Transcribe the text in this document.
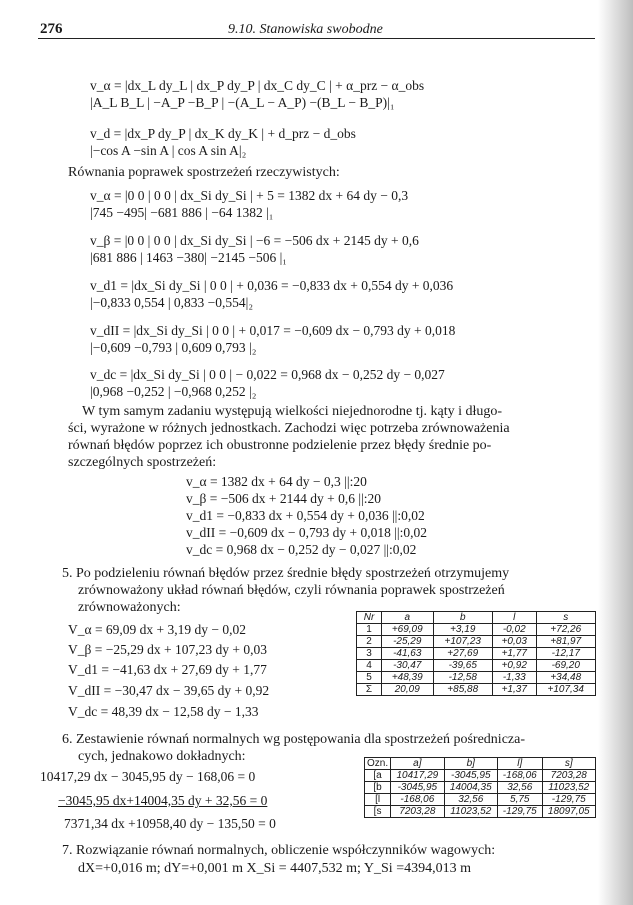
276	9.10. Stanowiska swobodne
v_α = |dx_L dy_L | dx_P dy_P | dx_C dy_C | + α_prz − α_obs
|A_L B_L | −A_P −B_P | −(A_L − A_P) −(B_L − B_P)|₁
v_d = |dx_P dy_P | dx_K dy_K | + d_prz − d_obs
|−cos A −sin A | cos A sin A|₂
Równania poprawek spostrzeżeń rzeczywistych:
v_α = |0 0 | 0 0 | dx_Si dy_Si | + 5 = 1382 dx + 64 dy − 0,3
|745 −495| −681 886 | −64 1382 |₁
v_β = |0 0 | 0 0 | dx_Si dy_Si | −6 = −506 dx + 2145 dy + 0,6
|681 886 | 1463 −380| −2145 −506 |₁
v_d1 = |dx_Si dy_Si | 0 0 | + 0,036 = −0,833 dx + 0,554 dy + 0,036
|−0,833 0,554 | 0,833 −0,554|₂
v_dII = |dx_Si dy_Si | 0 0 | + 0,017 = −0,609 dx − 0,793 dy + 0,018
|−0,609 −0,793 | 0,609 0,793 |₂
v_dc = |dx_Si dy_Si | 0 0 | − 0,022 = 0,968 dx − 0,252 dy − 0,027
|0,968 −0,252 | −0,968 0,252 |₂
W tym samym zadaniu występują wielkości niejednorodne tj. kąty i długo-
ści, wyrażone w różnych jednostkach. Zachodzi więc potrzeba zrównoważenia
równań błędów poprzez ich obustronne podzielenie przez błędy średnie po-
szczególnych spostrzeżeń:
v_α = 1382 dx + 64 dy − 0,3 ||:20
v_β = −506 dx + 2144 dy + 0,6 ||:20
v_d1 = −0,833 dx + 0,554 dy + 0,036 ||:0,02
v_dII = −0,609 dx − 0,793 dy + 0,018 ||:0,02
v_dc = 0,968 dx − 0,252 dy − 0,027 ||:0,02
5. Po podzieleniu równań błędów przez średnie błędy spostrzeżeń otrzymujemy
zrównoważony układ równań błędów, czyli równania poprawek spostrzeżeń
zrównoważonych:
V_α = 69,09 dx + 3,19 dy − 0,02
V_β = −25,29 dx + 107,23 dy + 0,03
V_d1 = −41,63 dx + 27,69 dy + 1,77
V_dII = −30,47 dx − 39,65 dy + 0,92
V_dc = 48,39 dx − 12,58 dy − 1,33
Nr	a	b	l	s
1	+69,09	+3,19	-0,02	+72,26
2	-25,29	+107,23	+0,03	+81,97
3	-41,63	+27,69	+1,77	-12,17
4	-30,47	-39,65	+0,92	-69,20
5	+48,39	-12,58	-1,33	+34,48
Σ	20,09	+85,88	+1,37	+107,34
6. Zestawienie równań normalnych wg postępowania dla spostrzeżeń pośrednicza-
cych, jednakowo dokładnych:
10417,29 dx − 3045,95 dy − 168,06 = 0
−3045,95 dx+14004,35 dy + 32,56 = 0
7371,34 dx +10958,40 dy − 135,50 = 0
Ozn.	a]	b]	l]	s]
[a	10417,29	-3045,95	-168,06	7203,28
[b	-3045,95	14004,35	32,56	11023,52
[l	-168,06	32,56	5,75	-129,75
[s	7203,28	11023,52	-129,75	18097,05
7. Rozwiązanie równań normalnych, obliczenie współczynników wagowych:
dX=+0,016 m; dY=+0,001 m X_Si = 4407,532 m; Y_Si =4394,013 m
